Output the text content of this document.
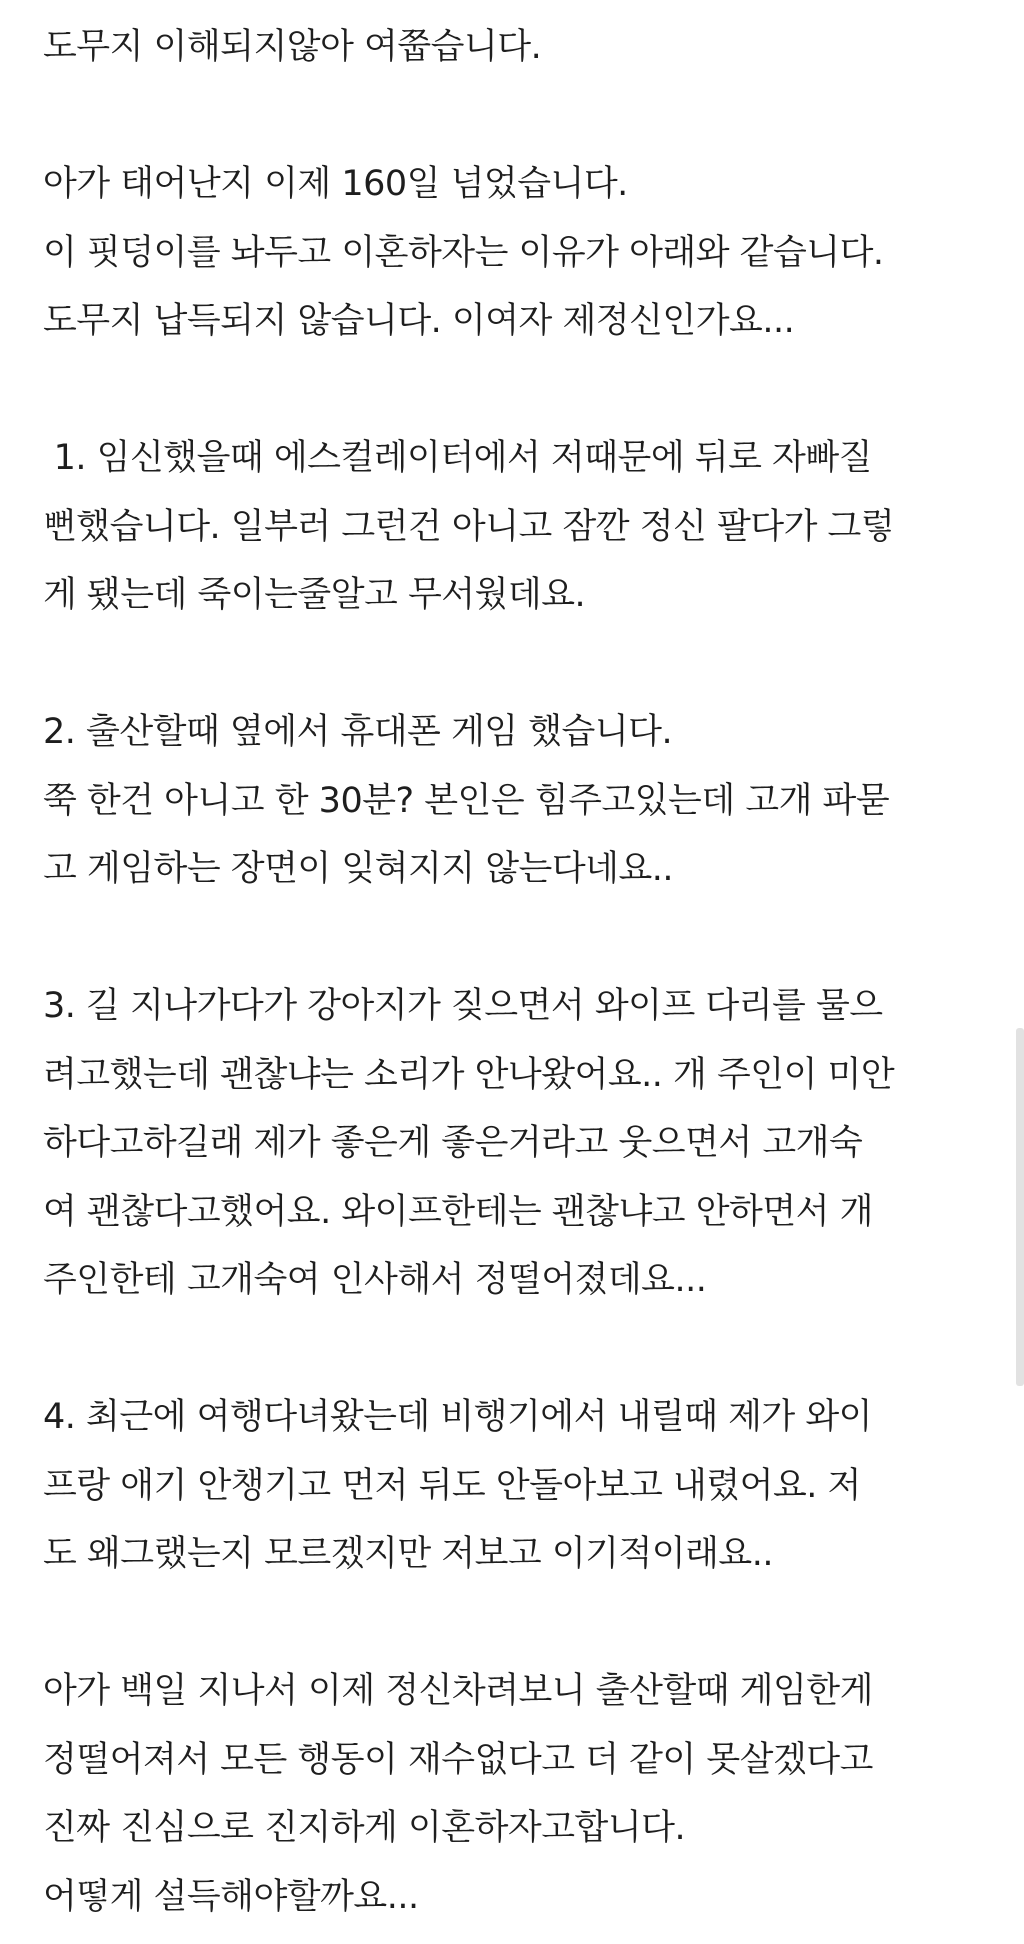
도무지 이해되지않아 여쭙습니다.
아가 태어난지 이제 160일 넘었습니다.
이 핏덩이를 놔두고 이혼하자는 이유가 아래와 같습니다.
도무지 납득되지 않습니다. 이여자 제정신인가요...
1. 임신했을때 에스컬레이터에서 저때문에 뒤로 자빠질
뻔했습니다. 일부러 그런건 아니고 잠깐 정신 팔다가 그렇
게 됐는데 죽이는줄알고 무서웠데요.
2. 출산할때 옆에서 휴대폰 게임 했습니다.
쭉 한건 아니고 한 30분? 본인은 힘주고있는데 고개 파묻
고 게임하는 장면이 잊혀지지 않는다네요..
3. 길 지나가다가 강아지가 짖으면서 와이프 다리를 물으
려고했는데 괜찮냐는 소리가 안나왔어요.. 개 주인이 미안
하다고하길래 제가 좋은게 좋은거라고 웃으면서 고개숙
여 괜찮다고했어요. 와이프한테는 괜찮냐고 안하면서 개
주인한테 고개숙여 인사해서 정떨어졌데요...
4. 최근에 여행다녀왔는데 비행기에서 내릴때 제가 와이
프랑 애기 안챙기고 먼저 뒤도 안돌아보고 내렸어요. 저
도 왜그랬는지 모르겠지만 저보고 이기적이래요..
아가 백일 지나서 이제 정신차려보니 출산할때 게임한게
정떨어져서 모든 행동이 재수없다고 더 같이 못살겠다고
진짜 진심으로 진지하게 이혼하자고합니다.
어떻게 설득해야할까요...
